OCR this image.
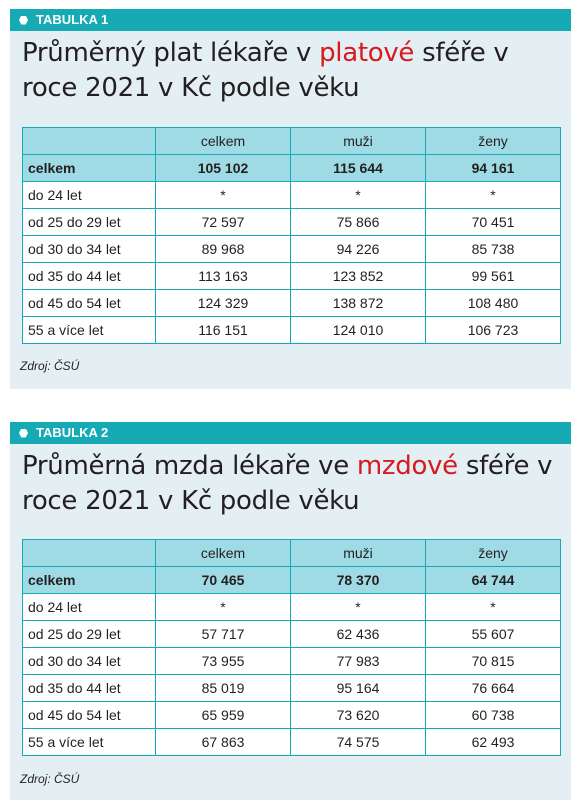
TABULKA 1
Průměrný plat lékaře v platové sféře v roce 2021 v Kč podle věku
	celkem	muži	ženy
celkem	105 102	115 644	94 161
do 24 let	*	*	*
od 25 do 29 let	72 597	75 866	70 451
od 30 do 34 let	89 968	94 226	85 738
od 35 do 44 let	113 163	123 852	99 561
od 45 do 54 let	124 329	138 872	108 480
55 a více let	116 151	124 010	106 723
Zdroj: ČSÚ
TABULKA 2
Průměrná mzda lékaře ve mzdové sféře v roce 2021 v Kč podle věku
	celkem	muži	ženy
celkem	70 465	78 370	64 744
do 24 let	*	*	*
od 25 do 29 let	57 717	62 436	55 607
od 30 do 34 let	73 955	77 983	70 815
od 35 do 44 let	85 019	95 164	76 664
od 45 do 54 let	65 959	73 620	60 738
55 a více let	67 863	74 575	62 493
Zdroj: ČSÚ
